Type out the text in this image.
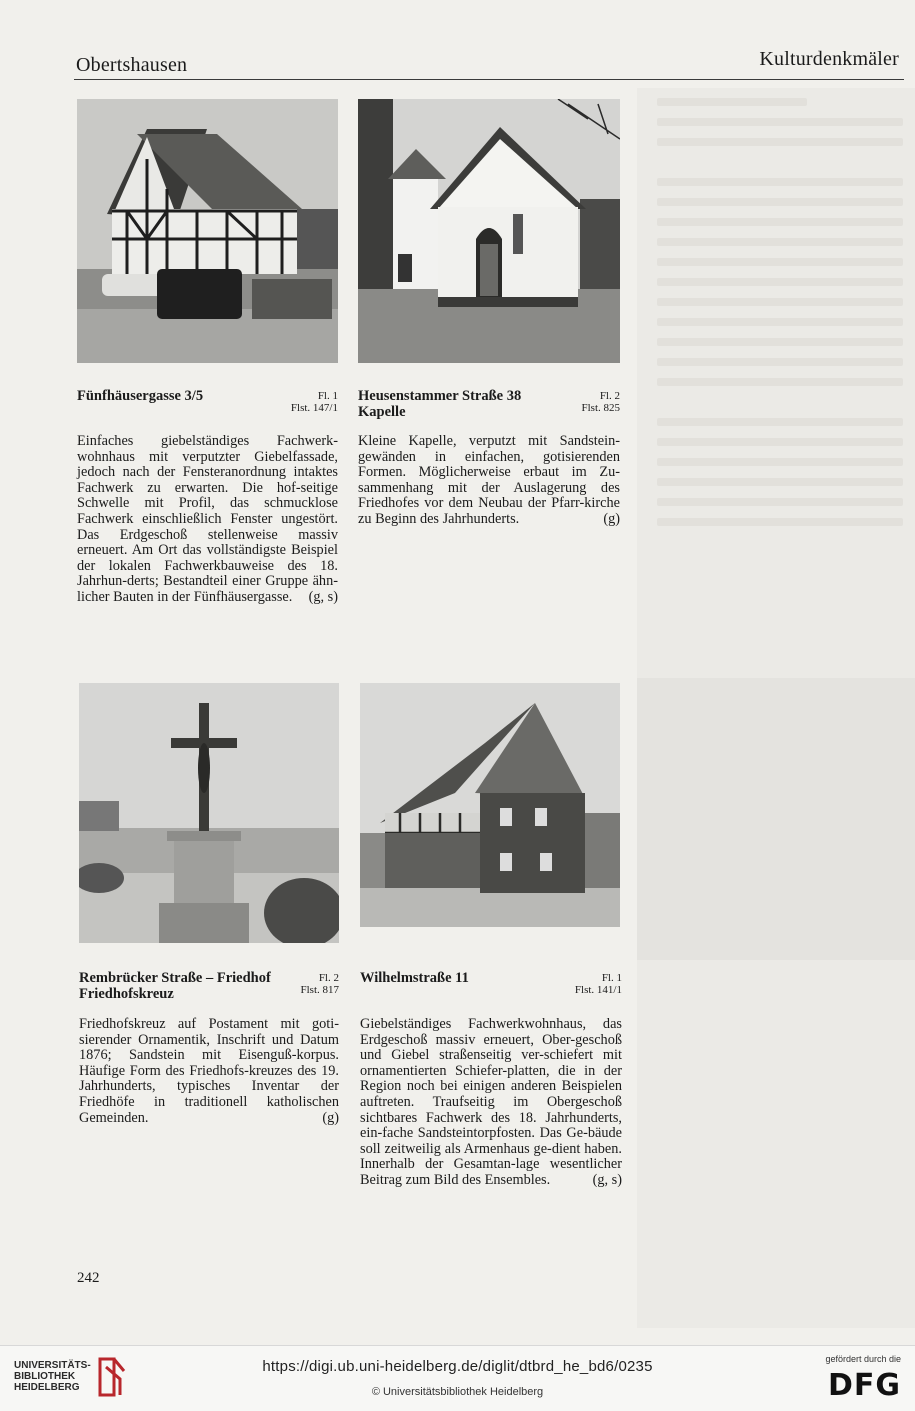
Obertshausen	Kulturdenkmäler
Fünfhäusergasse 3/5	Fl. 1
Flst. 147/1
Einfaches giebelständiges Fachwerk-wohnhaus mit verputzter Giebelfassade, jedoch nach der Fensteranordnung intaktes Fachwerk zu erwarten. Die hof-seitige Schwelle mit Profil, das schmucklose Fachwerk einschließlich Fenster ungestört. Das Erdgeschoß stellenweise massiv erneuert. Am Ort das vollständigste Beispiel der lokalen Fachwerkbauweise des 18. Jahrhun-derts; Bestandteil einer Gruppe ähn-licher Bauten in der Fünfhäusergasse. (g, s)
Heusenstammer Straße 38
Kapelle
Fl. 2
Flst. 825
Kleine Kapelle, verputzt mit Sandstein-gewänden in einfachen, gotisierenden Formen. Möglicherweise erbaut im Zu-sammenhang mit der Auslagerung des Friedhofes vor dem Neubau der Pfarr-kirche zu Beginn des Jahrhunderts.	(g)
Rembrücker Straße – Friedhof
Friedhofskreuz
Fl. 2
Flst. 817
Friedhofskreuz auf Postament mit goti-sierender Ornamentik, Inschrift und Datum 1876; Sandstein mit Eisenguß-korpus. Häufige Form des Friedhofs-kreuzes des 19. Jahrhunderts, typisches Inventar der Friedhöfe in traditionell katholischen Gemeinden.	(g)
Wilhelmstraße 11	Fl. 1
Flst. 141/1
Giebelständiges Fachwerkwohnhaus, das Erdgeschoß massiv erneuert, Ober-geschoß und Giebel straßenseitig ver-schiefert mit ornamentierten Schiefer-platten, die in der Region noch bei einigen anderen Beispielen auftreten. Traufseitig im Obergeschoß sichtbares Fachwerk des 18. Jahrhunderts, ein-fache Sandsteintorpfosten. Das Ge-bäude soll zeitweilig als Armenhaus ge-dient haben. Innerhalb der Gesamtan-lage wesentlicher Beitrag zum Bild des Ensembles.	(g, s)
242
UNIVERSITÄTS-
BIBLIOTHEK
HEIDELBERG
https://digi.ub.uni-heidelberg.de/diglit/dtbrd_he_bd6/0235
© Universitätsbibliothek Heidelberg
gefördert durch die
DFG
